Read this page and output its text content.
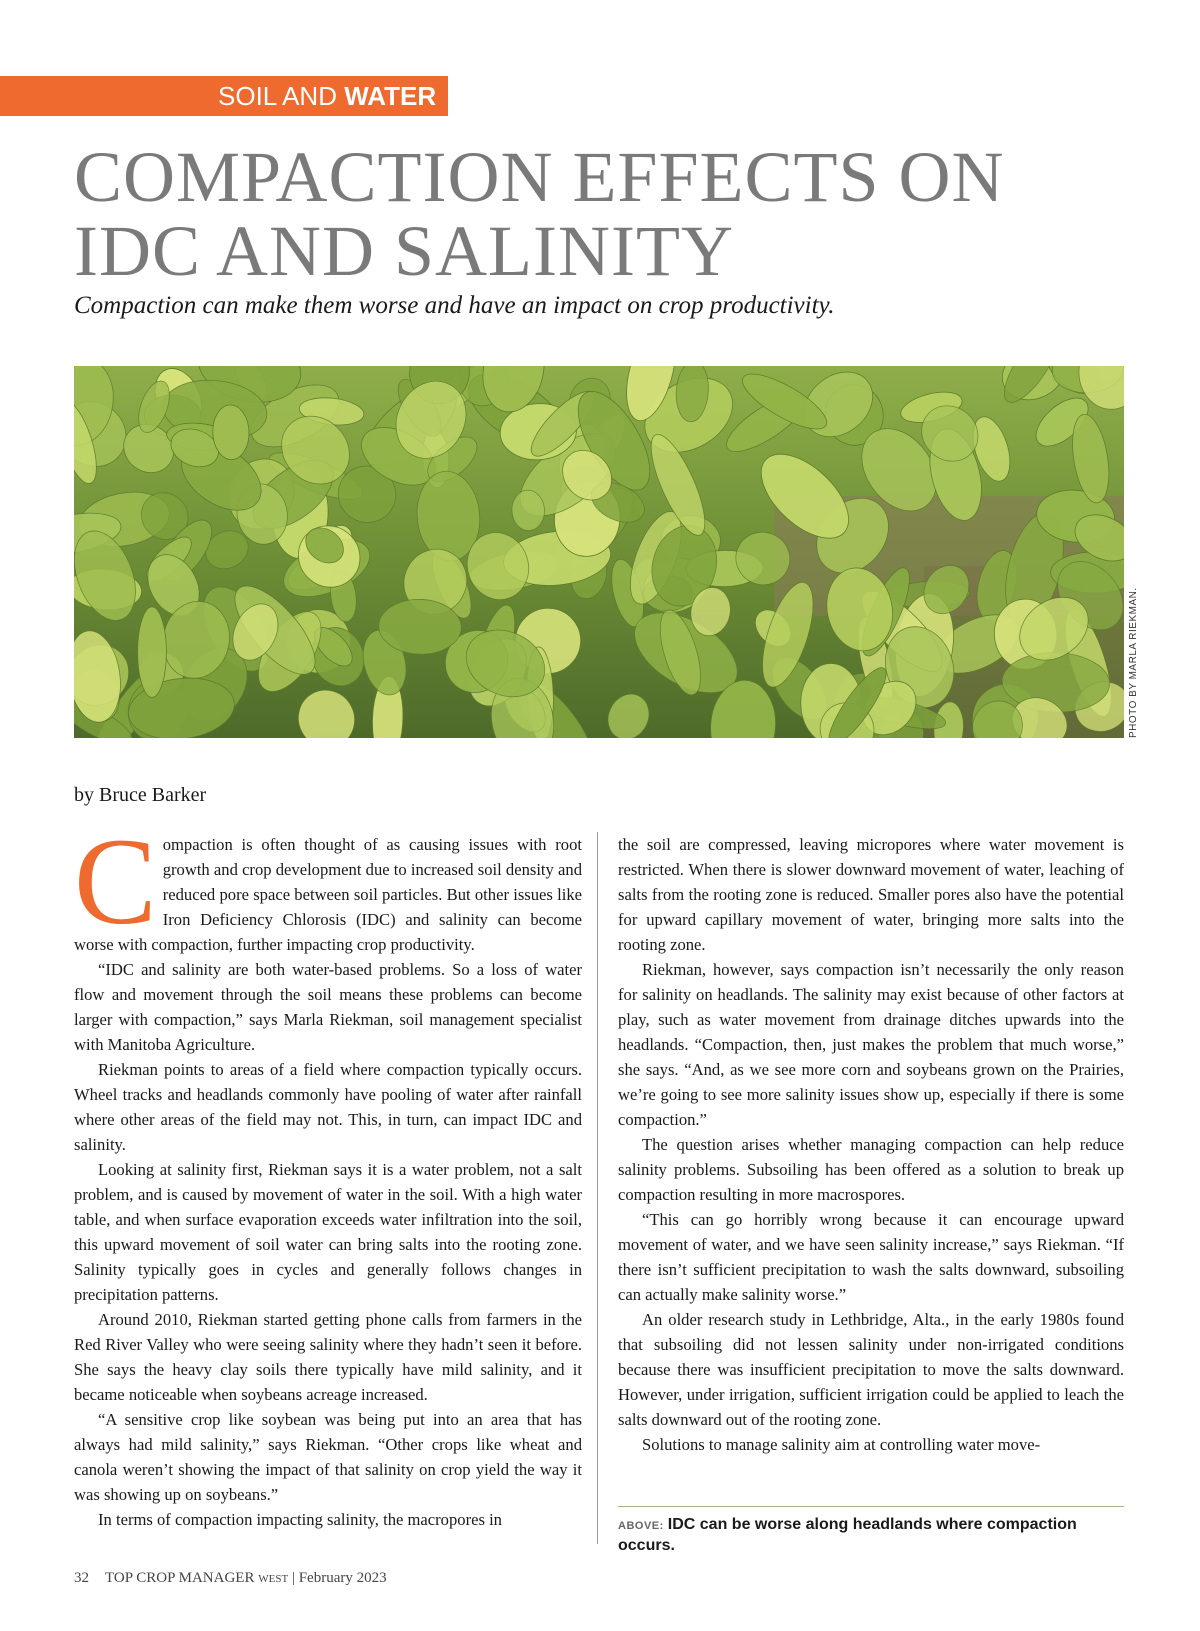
SOIL AND WATER
COMPACTION EFFECTS ON
IDC AND SALINITY
Compaction can make them worse and have an impact on crop productivity.
PHOTO BY MARLA RIEKMAN.
by Bruce Barker

Compaction is often thought of as causing issues with root growth and crop development due to increased soil density and reduced pore space between soil particles. But other issues like Iron Deficiency Chlorosis (IDC) and salinity can become worse with compaction, further impacting crop productivity.

“IDC and salinity are both water-based problems. So a loss of water flow and movement through the soil means these problems can become larger with compaction,” says Marla Riekman, soil management specialist with Manitoba Agriculture.

Riekman points to areas of a field where compaction typically occurs. Wheel tracks and headlands commonly have pooling of water after rainfall where other areas of the field may not. This, in turn, can impact IDC and salinity.

Looking at salinity first, Riekman says it is a water problem, not a salt problem, and is caused by movement of water in the soil. With a high water table, and when surface evaporation exceeds water infiltration into the soil, this upward movement of soil water can bring salts into the rooting zone. Salinity typically goes in cycles and generally follows changes in precipitation patterns.

Around 2010, Riekman started getting phone calls from farmers in the Red River Valley who were seeing salinity where they hadn’t seen it before. She says the heavy clay soils there typically have mild salinity, and it became noticeable when soybeans acreage increased.

“A sensitive crop like soybean was being put into an area that has always had mild salinity,” says Riekman. “Other crops like wheat and canola weren’t showing the impact of that salinity on crop yield the way it was showing up on soybeans.”

In terms of compaction impacting salinity, the macropores in

the soil are compressed, leaving micropores where water movement is restricted. When there is slower downward movement of water, leaching of salts from the rooting zone is reduced. Smaller pores also have the potential for upward capillary movement of water, bringing more salts into the rooting zone.

Riekman, however, says compaction isn’t necessarily the only reason for salinity on headlands. The salinity may exist because of other factors at play, such as water movement from drainage ditches upwards into the headlands. “Compaction, then, just makes the problem that much worse,” she says. “And, as we see more corn and soybeans grown on the Prairies, we’re going to see more salinity issues show up, especially if there is some compaction.”

The question arises whether managing compaction can help reduce salinity problems. Subsoiling has been offered as a solution to break up compaction resulting in more macrospores.

“This can go horribly wrong because it can encourage upward movement of water, and we have seen salinity increase,” says Riekman. “If there isn’t sufficient precipitation to wash the salts downward, subsoiling can actually make salinity worse.”

An older research study in Lethbridge, Alta., in the early 1980s found that subsoiling did not lessen salinity under non-irrigated conditions because there was insufficient precipitation to move the salts downward. However, under irrigation, sufficient irrigation could be applied to leach the salts downward out of the rooting zone.

Solutions to manage salinity aim at controlling water move-

ABOVE: IDC can be worse along headlands where compaction occurs.
32 TOP CROP MANAGER WEST | February 2023
